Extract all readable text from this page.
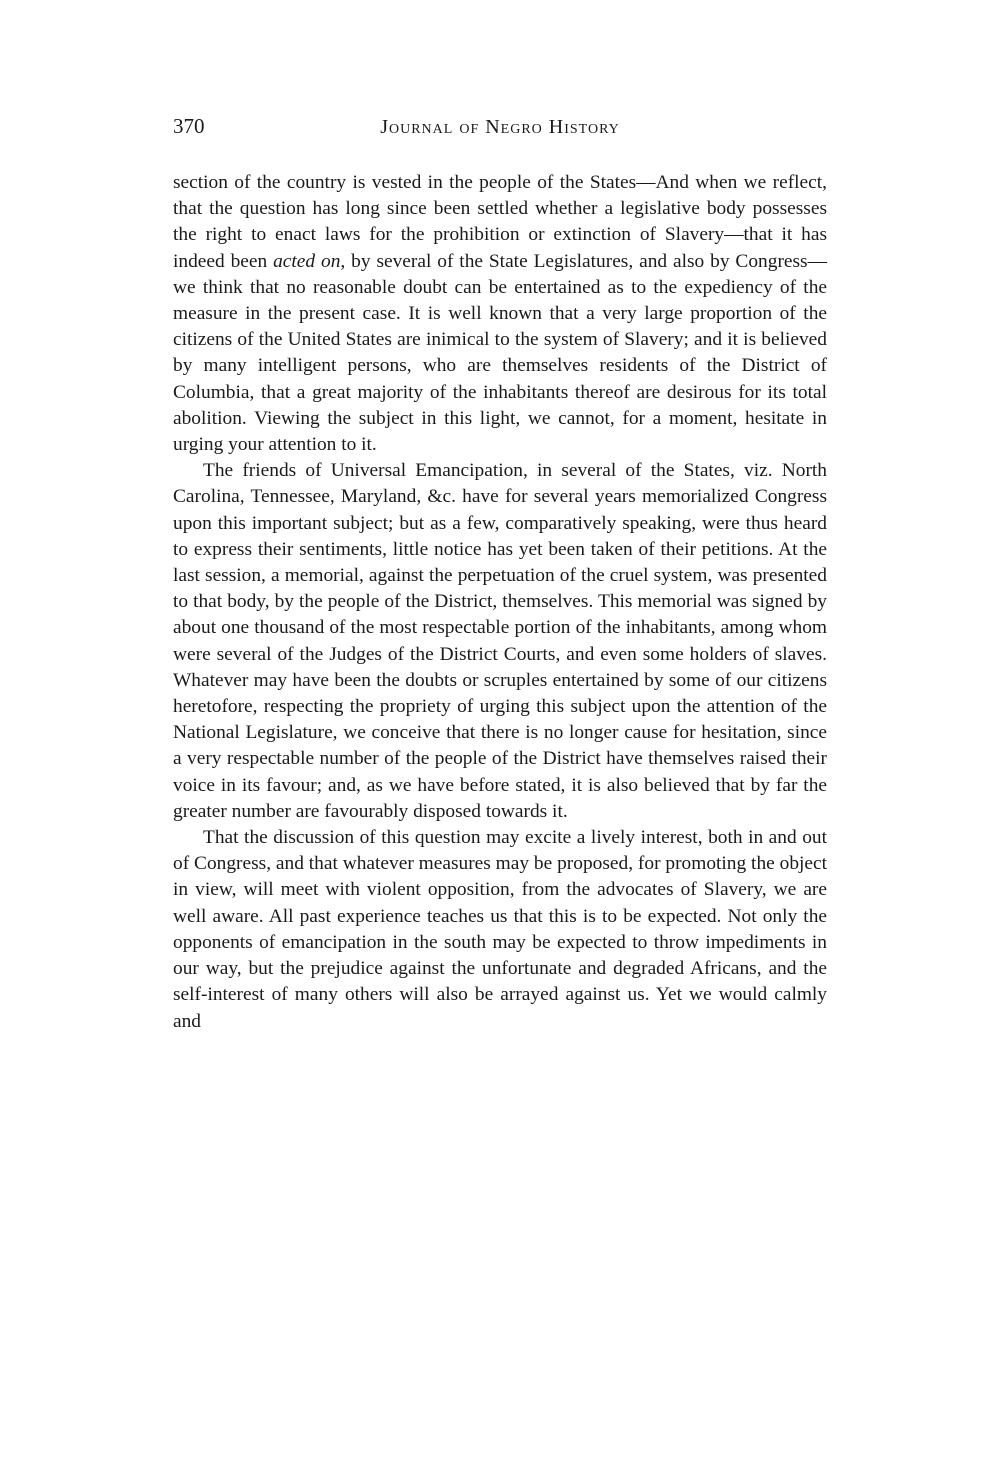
370	Journal of Negro History

section of the country is vested in the people of the States—And when we reflect, that the question has long since been settled whether a legislative body possesses the right to enact laws for the prohibition or extinction of Slavery—that it has indeed been acted on, by several of the State Legislatures, and also by Congress—we think that no reasonable doubt can be entertained as to the expediency of the measure in the present case. It is well known that a very large proportion of the citizens of the United States are inimical to the system of Slavery; and it is believed by many intelligent persons, who are themselves residents of the District of Columbia, that a great majority of the inhabitants thereof are desirous for its total abolition. Viewing the subject in this light, we cannot, for a moment, hesitate in urging your attention to it.

The friends of Universal Emancipation, in several of the States, viz. North Carolina, Tennessee, Maryland, &c. have for several years memorialized Congress upon this important subject; but as a few, comparatively speaking, were thus heard to express their sentiments, little notice has yet been taken of their petitions. At the last session, a memorial, against the perpetuation of the cruel system, was presented to that body, by the people of the District, themselves. This memorial was signed by about one thousand of the most respectable portion of the inhabitants, among whom were several of the Judges of the District Courts, and even some holders of slaves. Whatever may have been the doubts or scruples entertained by some of our citizens heretofore, respecting the propriety of urging this subject upon the attention of the National Legislature, we conceive that there is no longer cause for hesitation, since a very respectable number of the people of the District have themselves raised their voice in its favour; and, as we have before stated, it is also believed that by far the greater number are favourably disposed towards it.

That the discussion of this question may excite a lively interest, both in and out of Congress, and that whatever measures may be proposed, for promoting the object in view, will meet with violent opposition, from the advocates of Slavery, we are well aware. All past experience teaches us that this is to be expected. Not only the opponents of emancipation in the south may be expected to throw impediments in our way, but the prejudice against the unfortunate and degraded Africans, and the self-interest of many others will also be arrayed against us. Yet we would calmly and
